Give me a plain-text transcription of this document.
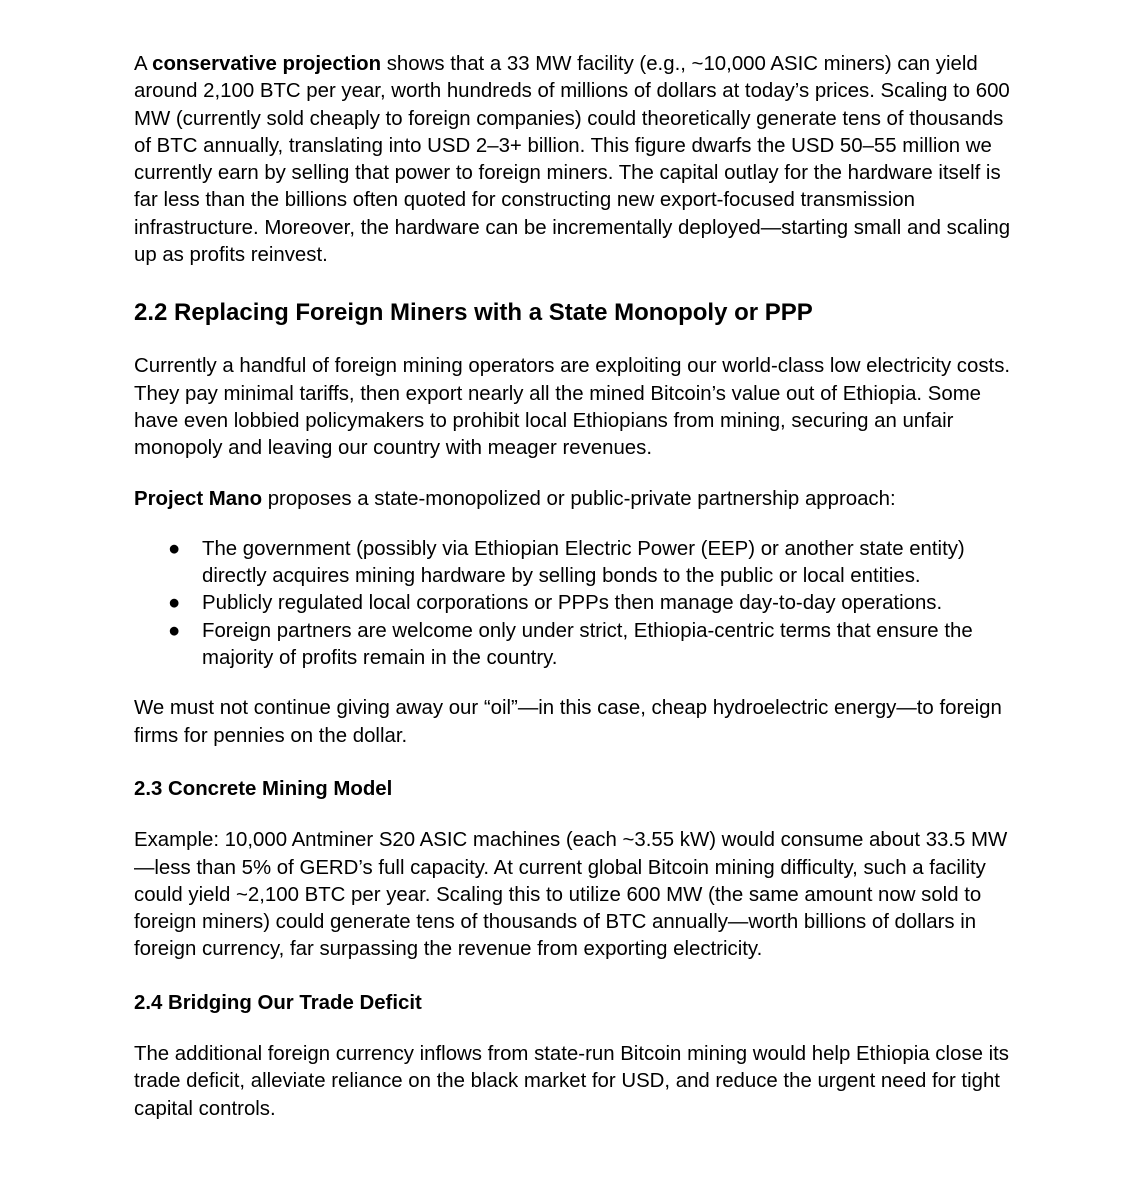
A conservative projection shows that a 33 MW facility (e.g., ~10,000 ASIC miners) can yield around 2,100 BTC per year, worth hundreds of millions of dollars at today’s prices. Scaling to 600 MW (currently sold cheaply to foreign companies) could theoretically generate tens of thousands of BTC annually, translating into USD 2–3+ billion. This figure dwarfs the USD 50–55 million we currently earn by selling that power to foreign miners. The capital outlay for the hardware itself is far less than the billions often quoted for constructing new export-focused transmission infrastructure. Moreover, the hardware can be incrementally deployed—starting small and scaling up as profits reinvest.

2.2 Replacing Foreign Miners with a State Monopoly or PPP

Currently a handful of foreign mining operators are exploiting our world-class low electricity costs. They pay minimal tariffs, then export nearly all the mined Bitcoin’s value out of Ethiopia. Some have even lobbied policymakers to prohibit local Ethiopians from mining, securing an unfair monopoly and leaving our country with meager revenues.

Project Mano proposes a state-monopolized or public-private partnership approach:

● The government (possibly via Ethiopian Electric Power (EEP) or another state entity) directly acquires mining hardware by selling bonds to the public or local entities.
● Publicly regulated local corporations or PPPs then manage day-to-day operations.
● Foreign partners are welcome only under strict, Ethiopia-centric terms that ensure the majority of profits remain in the country.

We must not continue giving away our “oil”—in this case, cheap hydroelectric energy—to foreign firms for pennies on the dollar.

2.3 Concrete Mining Model

Example: 10,000 Antminer S20 ASIC machines (each ~3.55 kW) would consume about 33.5 MW—less than 5% of GERD’s full capacity. At current global Bitcoin mining difficulty, such a facility could yield ~2,100 BTC per year. Scaling this to utilize 600 MW (the same amount now sold to foreign miners) could generate tens of thousands of BTC annually—worth billions of dollars in foreign currency, far surpassing the revenue from exporting electricity.

2.4 Bridging Our Trade Deficit

The additional foreign currency inflows from state-run Bitcoin mining would help Ethiopia close its trade deficit, alleviate reliance on the black market for USD, and reduce the urgent need for tight capital controls.
